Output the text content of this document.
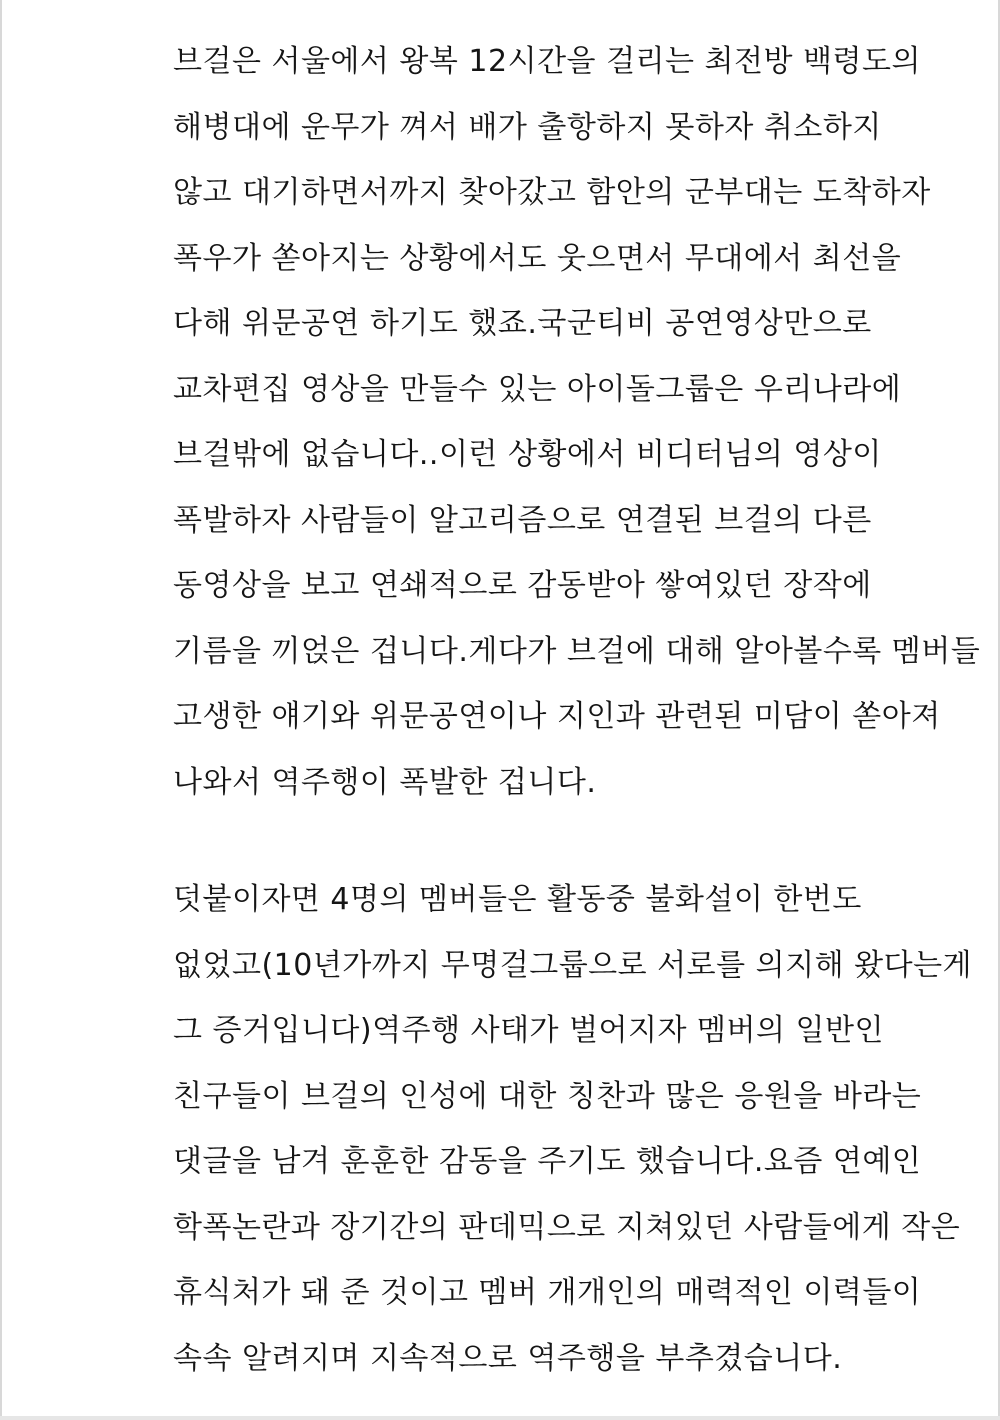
브걸은 서울에서 왕복 12시간을 걸리는 최전방 백령도의
해병대에 운무가 껴서 배가 출항하지 못하자 취소하지
않고 대기하면서까지 찾아갔고 함안의 군부대는 도착하자
폭우가 쏟아지는 상황에서도 웃으면서 무대에서 최선을
다해 위문공연 하기도 했죠.국군티비 공연영상만으로
교차편집 영상을 만들수 있는 아이돌그룹은 우리나라에
브걸밖에 없습니다..이런 상황에서 비디터님의 영상이
폭발하자 사람들이 알고리즘으로 연결된 브걸의 다른
동영상을 보고 연쇄적으로 감동받아 쌓여있던 장작에
기름을 끼얹은 겁니다.게다가 브걸에 대해 알아볼수록 멤버들
고생한 얘기와 위문공연이나 지인과 관련된 미담이 쏟아져
나와서 역주행이 폭발한 겁니다.
덧붙이자면 4명의 멤버들은 활동중 불화설이 한번도
없었고(10년가까지 무명걸그룹으로 서로를 의지해 왔다는게
그 증거입니다)역주행 사태가 벌어지자 멤버의 일반인
친구들이 브걸의 인성에 대한 칭찬과 많은 응원을 바라는
댓글을 남겨 훈훈한 감동을 주기도 했습니다.요즘 연예인
학폭논란과 장기간의 판데믹으로 지쳐있던 사람들에게 작은
휴식처가 돼 준 것이고 멤버 개개인의 매력적인 이력들이
속속 알려지며 지속적으로 역주행을 부추겼습니다.
